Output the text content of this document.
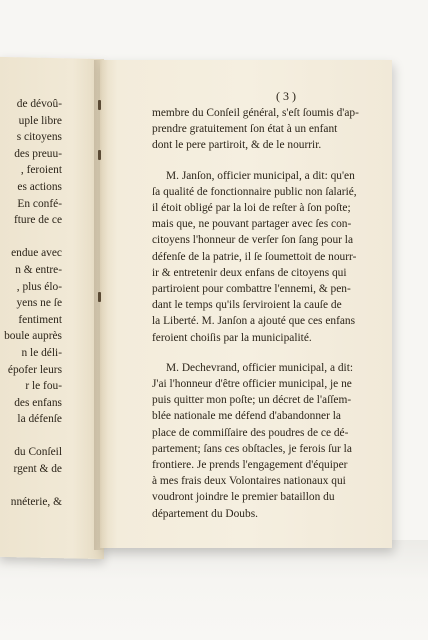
de dévoû-
uple libre
s citoyens
des preuu-
, feroient
es actions
En confé-
fture de ce
endue avec
n & entre-
, plus élo-
yens ne ſe
fentiment
boule auprès
n le déli-
épofer leurs
r le fou-
des enfans
la défenſe
du Conſeil
rgent & de
nnéterie, &
( 3 )
membre du Conſeil général, s'eſt ſoumis d'ap-
prendre gratuitement ſon état à un enfant
dont le pere partiroit, & de le nourrir.
M. Janſon, officier municipal, a dit: qu'en
ſa qualité de fonctionnaire public non ſalarié,
il étoit obligé par la loi de reſter à ſon poſte;
mais que, ne pouvant partager avec ſes con-
citoyens l'honneur de verſer ſon ſang pour la
défenſe de la patrie, il ſe ſoumettoit de nourr-
ir & entretenir deux enfans de citoyens qui
partiroient pour combattre l'ennemi, & pen-
dant le temps qu'ils ſerviroient la cauſe de
la Liberté. M. Janſon a ajouté que ces enfans
feroient choiſis par la municipalité.
M. Dechevrand, officier municipal, a dit:
J'ai l'honneur d'être officier municipal, je ne
puis quitter mon poſte; un décret de l'aſſem-
blée nationale me défend d'abandonner la
place de commiſſaire des poudres de ce dé-
partement; ſans ces obſtacles, je ferois ſur la
frontiere. Je prends l'engagement d'équiper
à mes frais deux Volontaires nationaux qui
voudront joindre le premier bataillon du
département du Doubs.
